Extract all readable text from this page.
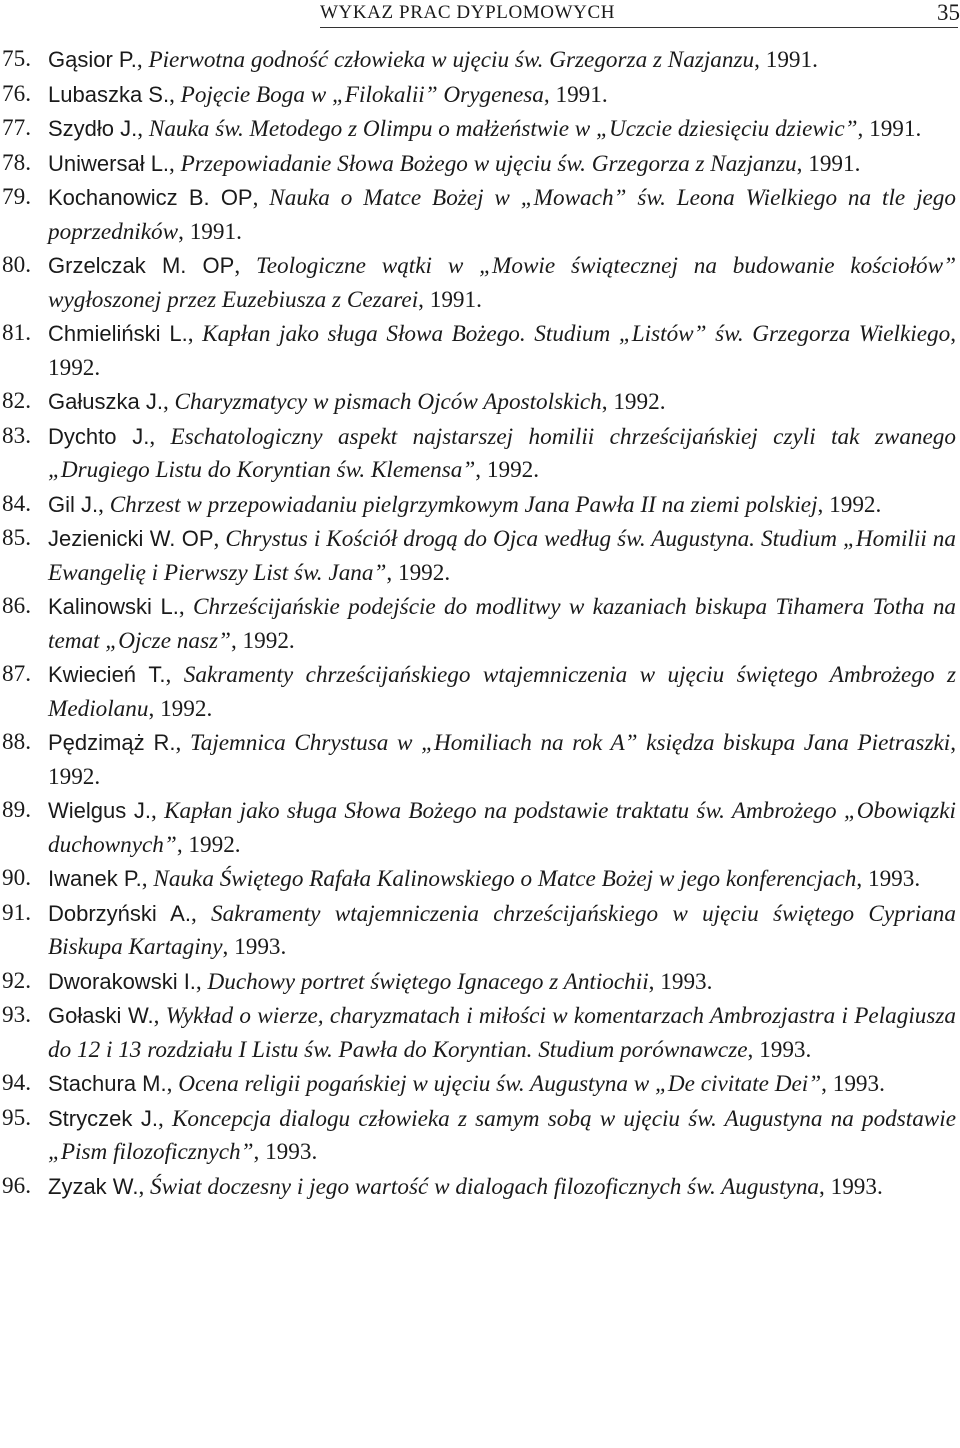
WYKAZ PRAC DYPLOMOWYCH	35
75. Gąsior P., Pierwotna godność człowieka w ujęciu św. Grzegorza z Nazjanzu, 1991.
76. Lubaszka S., Pojęcie Boga w „Filokalii” Orygenesa, 1991.
77. Szydło J., Nauka św. Metodego z Olimpu o małżeństwie w „Uczcie dziesięciu dziewic”, 1991.
78. Uniwersał L., Przepowiadanie Słowa Bożego w ujęciu św. Grzegorza z Nazjanzu, 1991.
79. Kochanowicz B. OP, Nauka o Matce Bożej w „Mowach” św. Leona Wielkiego na tle jego poprzedników, 1991.
80. Grzelczak M. OP, Teologiczne wątki w „Mowie świątecznej na budowanie kościołów” wygłoszonej przez Euzebiusza z Cezarei, 1991.
81. Chmieliński L., Kapłan jako sługa Słowa Bożego. Studium „Listów” św. Grzegorza Wielkiego, 1992.
82. Gałuszka J., Charyzmatycy w pismach Ojców Apostolskich, 1992.
83. Dychto J., Eschatologiczny aspekt najstarszej homilii chrześcijańskiej czyli tak zwanego „Drugiego Listu do Koryntian św. Klemensa”, 1992.
84. Gil J., Chrzest w przepowiadaniu pielgrzymkowym Jana Pawła II na ziemi polskiej, 1992.
85. Jezienicki W. OP, Chrystus i Kościół drogą do Ojca według św. Augustyna. Studium „Homilii na Ewangelię i Pierwszy List św. Jana”, 1992.
86. Kalinowski L., Chrześcijańskie podejście do modlitwy w kazaniach biskupa Tihamera Totha na temat „Ojcze nasz”, 1992.
87. Kwiecień T., Sakramenty chrześcijańskiego wtajemniczenia w ujęciu świętego Ambrożego z Mediolanu, 1992.
88. Pędzimąż R., Tajemnica Chrystusa w „Homiliach na rok A” księdza biskupa Jana Pietraszki, 1992.
89. Wielgus J., Kapłan jako sługa Słowa Bożego na podstawie traktatu św. Ambrożego „Obowiązki duchownych”, 1992.
90. Iwanek P., Nauka Świętego Rafała Kalinowskiego o Matce Bożej w jego konferencjach, 1993.
91. Dobrzyński A., Sakramenty wtajemniczenia chrześcijańskiego w ujęciu świętego Cypriana Biskupa Kartaginy, 1993.
92. Dworakowski I., Duchowy portret świętego Ignacego z Antiochii, 1993.
93. Gołaski W., Wykład o wierze, charyzmatach i miłości w komentarzach Ambrozjastra i Pelagiusza do 12 i 13 rozdziału I Listu św. Pawła do Koryntian. Studium porównawcze, 1993.
94. Stachura M., Ocena religii pogańskiej w ujęciu św. Augustyna w „De civitate Dei”, 1993.
95. Stryczek J., Koncepcja dialogu człowieka z samym sobą w ujęciu św. Augustyna na podstawie „Pism filozoficznych”, 1993.
96. Zyzak W., Świat doczesny i jego wartość w dialogach filozoficznych św. Augustyna, 1993.
